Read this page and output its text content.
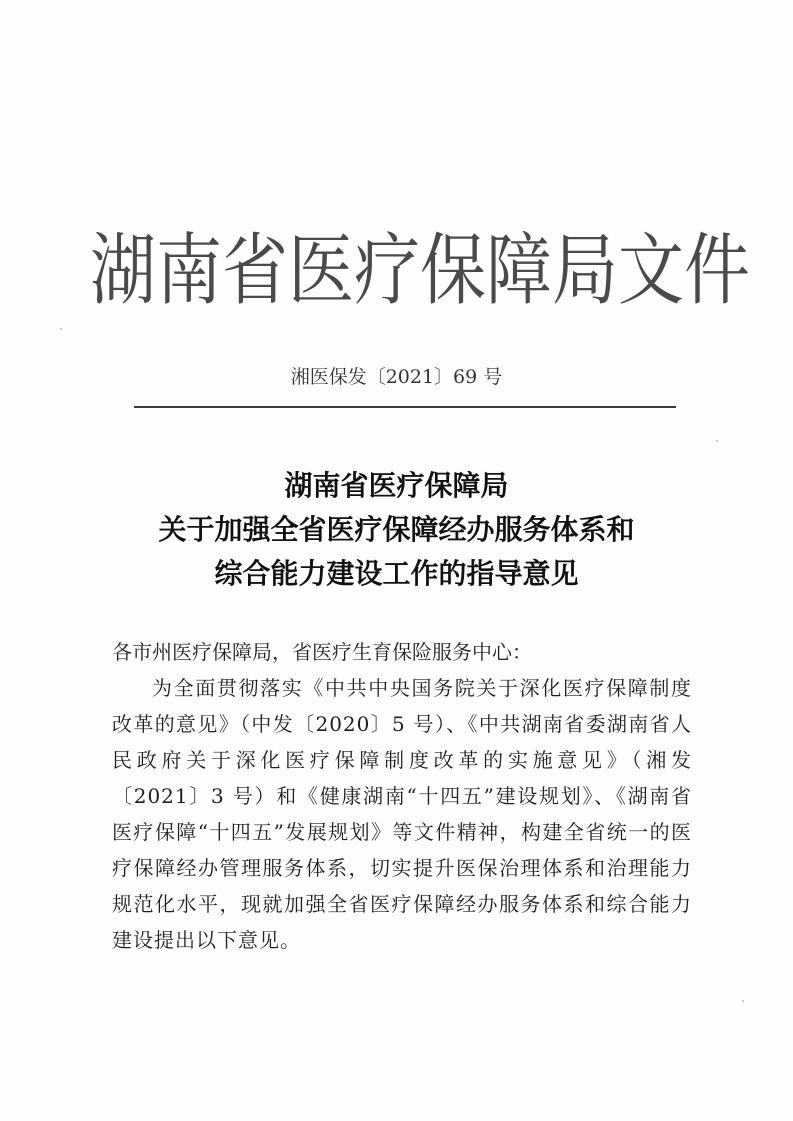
湖南省医疗保障局文件
湘医保发〔2021〕69 号
湖南省医疗保障局
关于加强全省医疗保障经办服务体系和
综合能力建设工作的指导意见
各市州医疗保障局，省医疗生育保险服务中心：
为全面贯彻落实《中共中央国务院关于深化医疗保障制度改革的意见》（中发〔2020〕5 号）、《中共湖南省委湖南省人民政府关于深化医疗保障制度改革的实施意见》（湘发〔2021〕3 号）和《健康湖南“十四五”建设规划》、《湖南省医疗保障“十四五”发展规划》等文件精神，构建全省统一的医疗保障经办管理服务体系，切实提升医保治理体系和治理能力规范化水平，现就加强全省医疗保障经办服务体系和综合能力建设提出以下意见。
